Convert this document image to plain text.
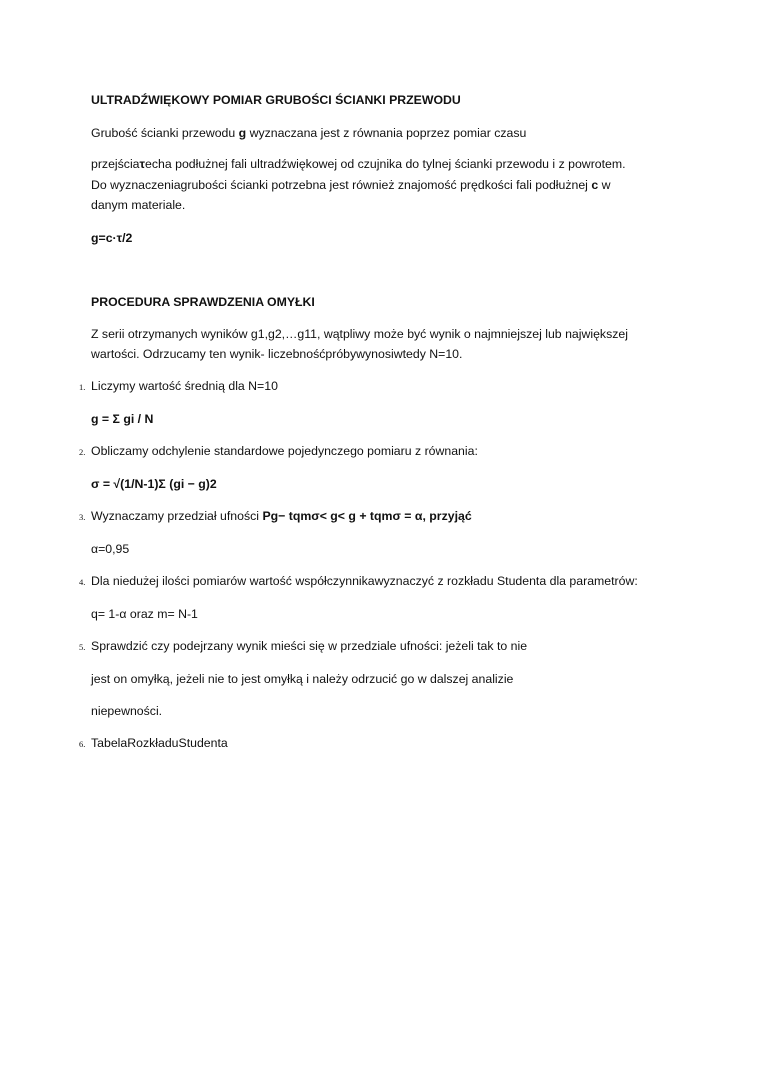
ULTRADŹWIĘKOWY POMIAR GRUBOŚCI ŚCIANKI PRZEWODU
Grubość ścianki przewodu g wyznaczana jest z równania poprzez pomiar czasu
przejściaτecha podłużnej fali ultradźwiękowej od czujnika do tylnej ścianki przewodu i z powrotem.
Do wyznaczeniagrubości ścianki potrzebna jest również znajomość prędkości fali podłużnej c w
danym materiale.
g=c·τ/2
PROCEDURA SPRAWDZENIA OMYŁKI
Z serii otrzymanych wyników g1,g2,…g11, wątpliwy może być wynik o najmniejszej lub największej
wartości. Odrzucamy ten wynik- liczebnośćpróbywynosiwtedy N=10.
1. Liczymy wartość średnią dla N=10
g = Σ gi / N
2. Obliczamy odchylenie standardowe pojedynczego pomiaru z równania:
σ = √(1/N-1)Σ (gi − g)2
3. Wyznaczamy przedział ufności Pg− tqmσ< g< g + tqmσ = α, przyjąć
α=0,95
4. Dla niedużej ilości pomiarów wartość współczynnikawyznaczyć z rozkładu Studenta dla parametrów:
q= 1-α oraz m= N-1
5. Sprawdzić czy podejrzany wynik mieści się w przedziale ufności: jeżeli tak to nie
jest on omyłką, jeżeli nie to jest omyłką i należy odrzucić go w dalszej analizie
niepewności.
6. TabelaRozkładuStudenta
